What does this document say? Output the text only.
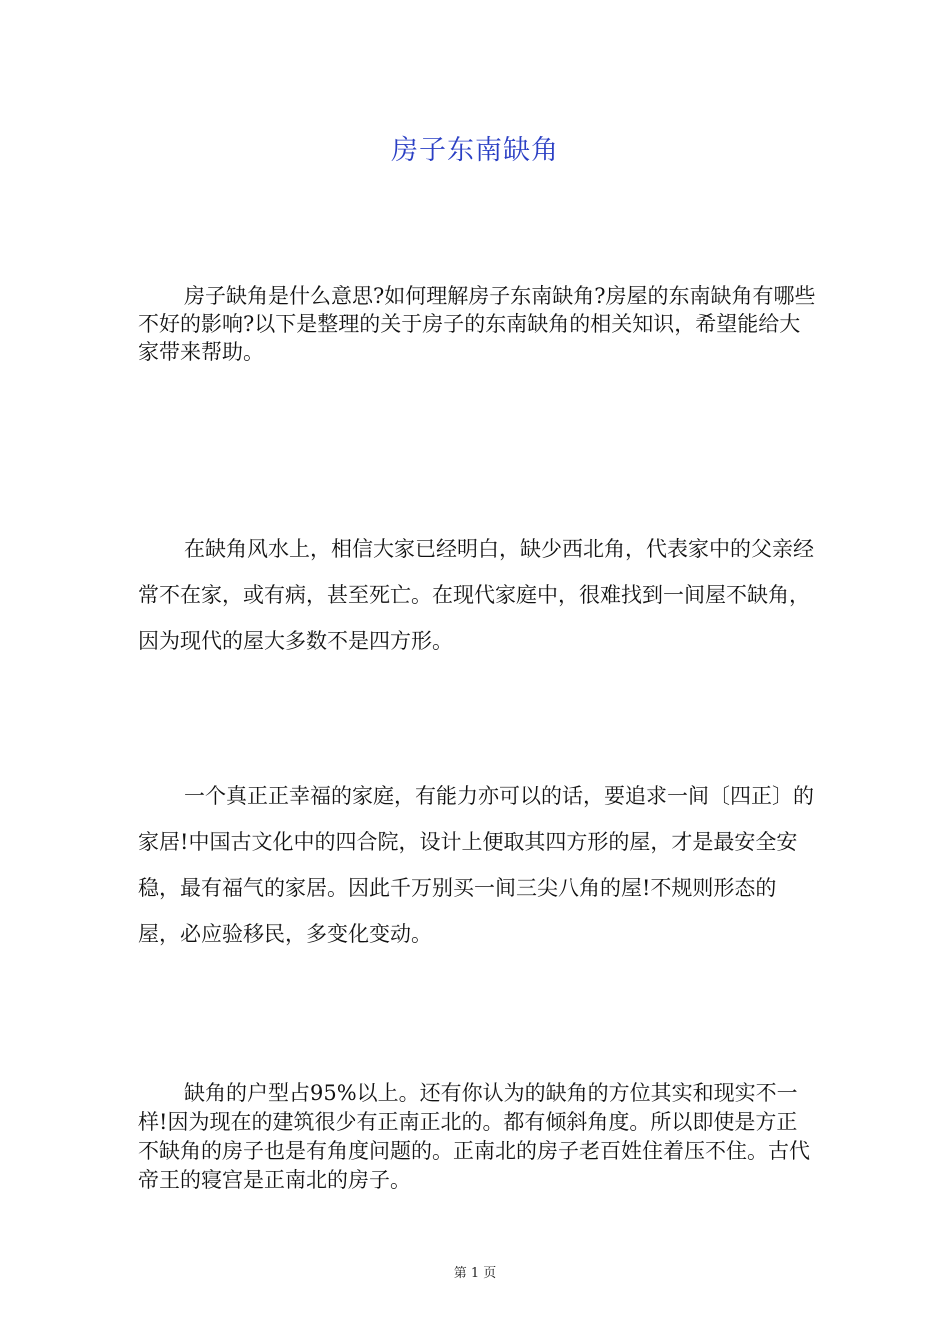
房子东南缺角

房子缺角是什么意思?如何理解房子东南缺角?房屋的东南缺角有哪些不好的影响?以下是整理的关于房子的东南缺角的相关知识，希望能给大家带来帮助。

在缺角风水上，相信大家已经明白，缺少西北角，代表家中的父亲经常不在家，或有病，甚至死亡。在现代家庭中，很难找到一间屋不缺角，因为现代的屋大多数不是四方形。

一个真正正幸福的家庭，有能力亦可以的话，要追求一间〔四正〕的家居!中国古文化中的四合院，设计上便取其四方形的屋，才是最安全安稳，最有福气的家居。因此千万别买一间三尖八角的屋!不规则形态的屋，必应验移民，多变化变动。

缺角的户型占95%以上。还有你认为的缺角的方位其实和现实不一样!因为现在的建筑很少有正南正北的。都有倾斜角度。所以即使是方正不缺角的房子也是有角度问题的。正南北的房子老百姓住着压不住。古代帝王的寝宫是正南北的房子。

第 1 页
